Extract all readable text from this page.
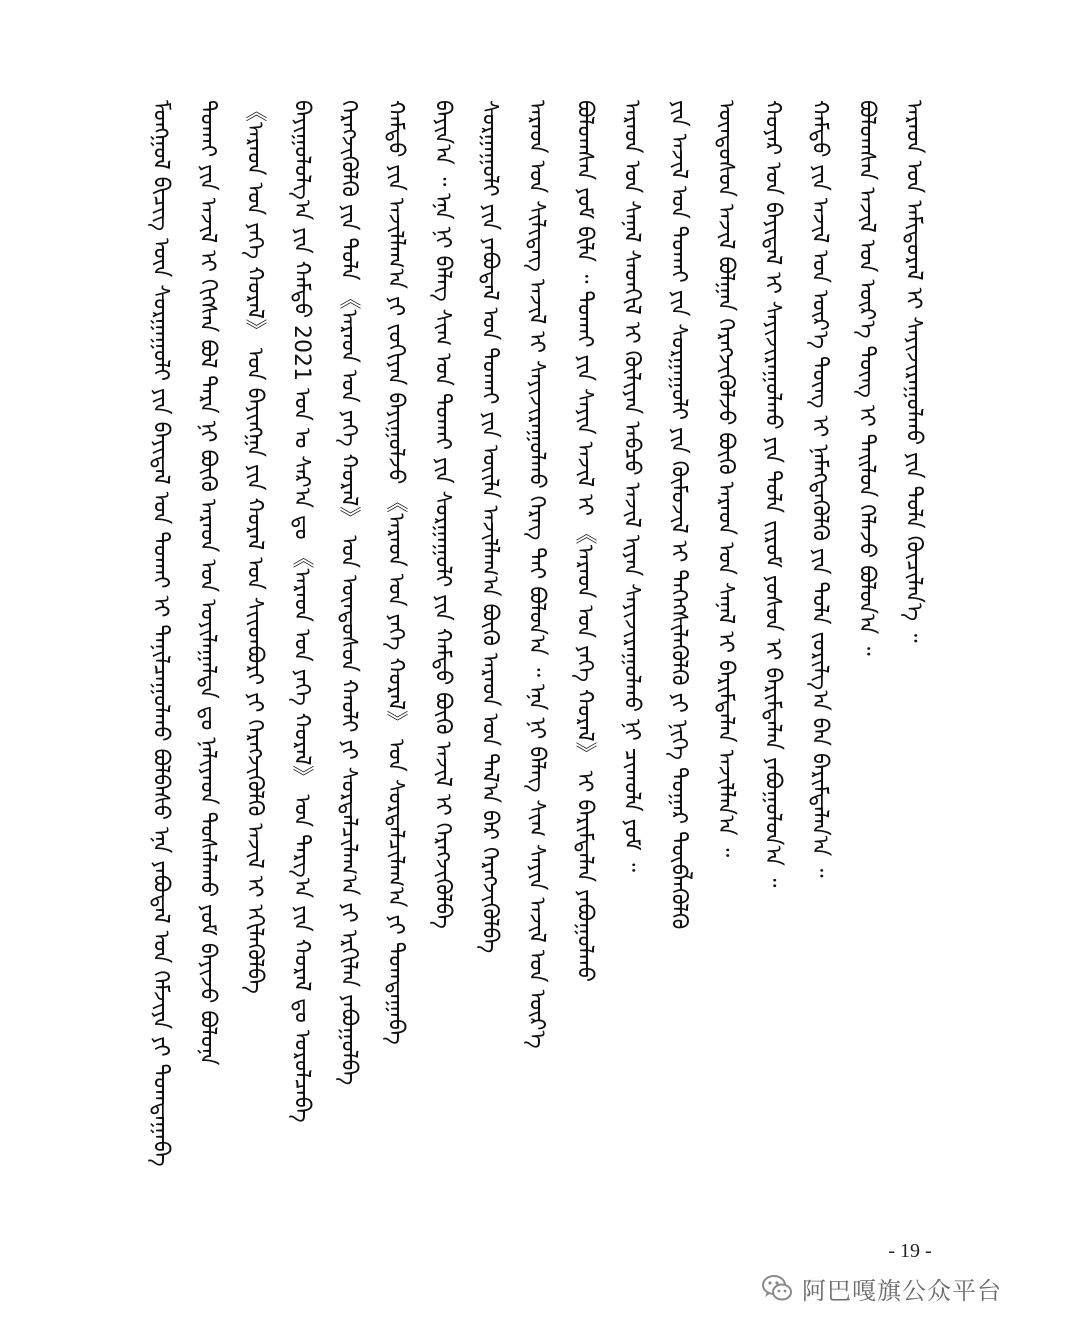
ᠮᠣᠩᠭᠣᠯ ᠪᠢᠴᠢᠭ᠌ ᠦᠨ ᠰᠤᠷᠭᠠᠭᠤᠯᠢ ᠶᠢᠨ ᠪᠠᠶᠢᠳᠠᠯ ᠤᠨ ᠲᠤᠬᠠᠶ ᠢ ᠲᠠᠨᠢᠯᠴᠠᠭᠤᠯᠬᠤ ᠪᠣᠯᠪᠠᠰᠤ ᠡᠨᠡ ᠶᠠᠪᠤᠳᠠᠯ ᠤᠨ ᠬᠡᠮᠵᠢᠶᠡ ᠶᠢ ᠲᠣᠭᠲᠠᠭᠠᠪᠠ	ᠲᠤᠬᠠᠶ ᠶᠢᠨ ᠠᠵᠢᠯ ᠢ ᠬᠢᠭᠰᠡᠨ ᠪᠣᠯ ᠲᠡᠷᠡ ᠨᠢ ᠪᠦᠬᠦ ᠠᠷᠠᠳ ᠤᠨ ᠣᠶᠢᠯᠠᠭᠠᠯᠲᠠ ᠳᠤ ᠨᠡᠯᠢᠶᠡᠳ ᠲᠤᠰᠠᠯᠠᠬᠤ ᠶᠤᠮ ᠪᠠᠶᠢᠵᠤ ᠪᠣᠯᠤᠨᠠ	《ᠠᠷᠠᠳ ᠤᠨ ᠶᠡᠬᠡ ᠬᠤᠷᠠᠯ》 ᠤᠨ ᠪᠠᠶᠢᠩᠭᠠ ᠶᠢᠨ ᠬᠤᠷᠠᠯ ᠤᠨ ᠰᠢᠢᠳᠪᠦᠷᠢ ᠶᠢ ᠬᠡᠷᠡᠭᠵᠢᠭᠦᠯᠬᠦ ᠠᠵᠢᠯ ᠢ ᠡᠬᠢᠯᠡᠭᠦᠯᠪᠡ	ᠪᠠᠶᠢᠭᠤᠯᠤᠯᠭ᠎ᠠ ᠶᠢᠨ ᠬᠠᠮᠲᠤ 2021 ᠣᠨ ᠤ ᠰᠠᠷ᠎ᠠ ᠳᠤ 《ᠠᠷᠠᠳ ᠤᠨ ᠶᠡᠬᠡ ᠬᠤᠷᠠᠯ》 ᠤᠨ ᠳᠠᠷᠭ᠎ᠠ ᠶᠢᠨ ᠬᠤᠷᠠᠯ ᠳᠤ ᠣᠷᠣᠯᠴᠠᠪᠠ	ᠬᠡᠷᠡᠭᠵᠢᠭᠦᠯᠬᠦ ᠶᠢᠨ ᠲᠤᠯᠠ 《ᠠᠷᠠᠳ ᠤᠨ ᠶᠡᠬᠡ ᠬᠤᠷᠠᠯ》 ᠤᠨ ᠦᠨᠳᠦᠰᠦᠨ ᠬᠠᠤᠯᠢ ᠶᠢ ᠰᠤᠷᠲᠠᠯᠴᠢᠯᠠᠭ᠎ᠠ ᠶᠢ ᠡᠷᠬᠢᠯᠡᠨ ᠶᠠᠪᠤᠭᠤᠯᠪᠠ	ᠬᠠᠮᠲᠤ ᠶᠢᠨ ᠠᠵᠢᠯᠯᠠᠭ᠎ᠠ ᠶᠢ ᠵᠣᠬᠢᠶᠠᠨ ᠪᠠᠶᠢᠭᠤᠯᠵᠤ 《ᠠᠷᠠᠳ ᠤᠨ ᠶᠡᠬᠡ ᠬᠤᠷᠠᠯ》 ᠤᠨ ᠰᠤᠷᠲᠠᠯᠴᠢᠯᠠᠭ᠎ᠠ ᠶᠢ ᠲᠣᠭᠲᠠᠭᠠᠪᠠ	ᠪᠠᠶᠢᠨ᠎ᠠ ᠃ ᠡᠨᠡ ᠨᠢ ᠪᠡᠯᠡᠭ ᠰᠢᠭ᠋ ᠤᠨ ᠲᠤᠬᠠᠶ ᠶᠢᠨ ᠰᠤᠷᠭᠠᠭᠤᠯᠢ ᠶᠢᠨ ᠬᠠᠮᠲᠤ ᠪᠦᠬᠦ ᠠᠵᠢᠯ ᠢ ᠬᠡᠷᠡᠭᠵᠢᠭᠦᠯᠪᠡ	ᠰᠤᠷᠭᠠᠭᠤᠯᠢ ᠶᠢᠨ ᠶᠠᠪᠤᠳᠠᠯ ᠤᠨ ᠲᠤᠬᠠᠶ ᠶᠢᠨ ᠦᠢᠯᠡ ᠠᠵᠢᠯᠯᠠᠭ᠎ᠠ ᠪᠦᠬᠦ ᠠᠷᠠᠳ ᠤᠨ ᠲᠠᠯ᠎ᠠ ᠪᠠᠷ ᠬᠡᠷᠡᠭᠵᠢᠭᠦᠯᠪᠡ	ᠠᠷᠠᠳ ᠤᠨ ᠰᠢᠯᠢᠳᠡᠭ ᠠᠵᠢᠯ ᠢ ᠰᠠᠶᠢᠵᠢᠷᠠᠭᠤᠯᠬᠤ ᠬᠡᠷᠡᠭ ᠲᠠᠢ ᠪᠣᠯᠤᠨ᠎ᠠ ᠃ ᠡᠨᠡ ᠨᠢ ᠪᠡᠯᠡᠭ ᠰᠢᠭ᠋ ᠰᠠᠶᠢᠨ ᠠᠵᠢᠯ ᠤᠨ ᠦᠷ᠎ᠡ	ᠪᠣᠯᠤᠭᠰᠠᠨ ᠶᠤᠮ ᠪᠢᠯᠡ ᠃ ᠲᠤᠬᠠᠶ ᠶᠢᠨ ᠰᠠᠶᠢᠨ ᠠᠵᠢᠯ ᠢ 《ᠠᠷᠠᠳ ᠤᠨ ᠶᠡᠬᠡ ᠬᠤᠷᠠᠯ》 ᠢ ᠪᠠᠷᠢᠮᠲᠠᠯᠠᠨ ᠶᠠᠪᠤᠭᠤᠯᠬᠤ	ᠠᠷᠠᠳ ᠤᠨ ᠰᠠᠨᠠᠯ ᠰᠡᠳᠬᠢᠯ ᠢ ᠬᠦᠯᠢᠶᠡᠨ ᠠᠪᠴᠤ ᠠᠵᠢᠯ ᠢᠶᠠᠨ ᠰᠠᠶᠢᠵᠢᠷᠠᠭᠤᠯᠬᠤ ᠨᠢ ᠴᠢᠬᠤᠯᠠ ᠶᠤᠮ ᠃	ᠶᠢᠨ ᠠᠵᠢᠯ ᠤᠨ ᠲᠤᠬᠠᠶ ᠶᠢᠨ ᠰᠤᠷᠭᠠᠭᠤᠯᠢ ᠶᠢᠨ ᠬᠦᠮᠦᠵᠢᠯ ᠢ ᠳᠡᠭᠡᠭᠰᠢᠯᠡᠭᠦᠯᠬᠦ ᠶᠢ ᠨᠢᠭᠡ ᠳᠤᠭᠠᠷ ᠲᠦᠪᠯᠡᠭᠦᠯᠬᠦ	ᠦᠨᠳᠦᠰᠦᠨ ᠠᠵᠢᠯ ᠪᠣᠯᠭᠠᠨ ᠬᠡᠷᠡᠭᠵᠢᠭᠦᠯᠵᠦ ᠪᠦᠬᠦ ᠠᠷᠠᠳ ᠤᠨ ᠰᠠᠨᠠᠯ ᠢ ᠪᠠᠷᠢᠮᠲᠠᠯᠠᠨ ᠠᠵᠢᠯᠯᠠᠨ᠎ᠠ ᠃	ᠬᠣᠶᠠᠷ ᠤᠨ ᠪᠠᠶᠢᠳᠠᠯ ᠢ ᠰᠠᠶᠢᠵᠢᠷᠠᠭᠤᠯᠬᠤ ᠶᠢᠨ ᠲᠤᠯᠠ ᠵᠢᠷᠤᠮ ᠶᠣᠰᠤᠨ ᠢ ᠪᠠᠷᠢᠮᠲᠠᠯᠠᠨ ᠶᠠᠪᠤᠭᠤᠯᠤᠨ᠎ᠠ ᠃	ᠬᠠᠮᠲᠤ ᠶᠢᠨ ᠠᠵᠢᠯ ᠤᠨ ᠦᠷ᠎ᠡ ᠳᠦᠩ ᠢ ᠨᠡᠮᠡᠭᠳᠡᠭᠦᠯᠬᠦ ᠶᠢᠨ ᠲᠤᠯᠠ ᠵᠣᠷᠢᠯᠭ᠎ᠠ ᠪᠠᠨ ᠪᠠᠷᠢᠮᠲᠠᠯᠠᠨ᠎ᠠ ᠃	ᠪᠣᠯᠤᠭᠰᠠᠨ ᠠᠵᠢᠯ ᠤᠨ ᠦᠷ᠎ᠡ ᠳᠦᠩ ᠢ ᠲᠠᠢᠯᠤᠨ ᠬᠡᠯᠡᠵᠦ ᠪᠣᠯᠤᠨ᠎ᠠ ᠃	ᠠᠷᠠᠳ ᠤᠨ ᠠᠮᠢᠳᠤᠷᠠᠯ ᠢ ᠰᠠᠶᠢᠵᠢᠷᠠᠭᠤᠯᠬᠤ ᠶᠢᠨ ᠲᠤᠯᠠ ᠬᠦᠴᠢᠯᠡᠨ᠎ᠡ ᠃
- 19 -
阿巴嘎旗公众平台
